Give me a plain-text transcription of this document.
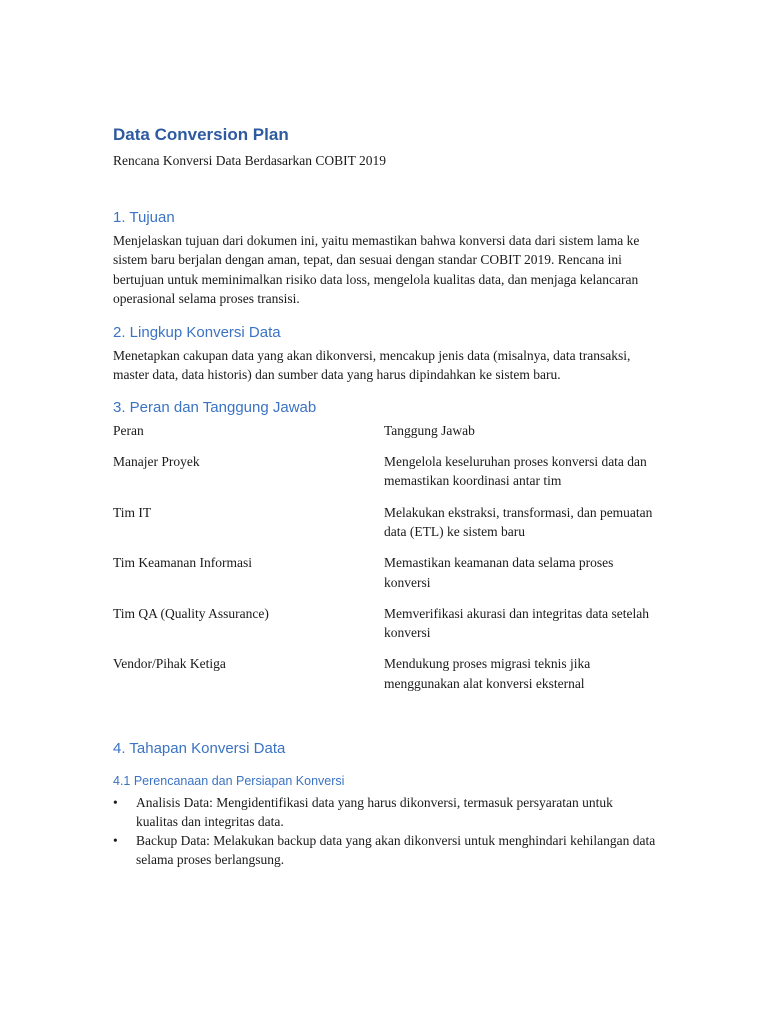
Data Conversion Plan
Rencana Konversi Data Berdasarkan COBIT 2019
1. Tujuan

Menjelaskan tujuan dari dokumen ini, yaitu memastikan bahwa konversi data dari sistem lama ke sistem baru berjalan dengan aman, tepat, dan sesuai dengan standar COBIT 2019. Rencana ini bertujuan untuk meminimalkan risiko data loss, mengelola kualitas data, dan menjaga kelancaran operasional selama proses transisi.

2. Lingkup Konversi Data

Menetapkan cakupan data yang akan dikonversi, mencakup jenis data (misalnya, data transaksi, master data, data historis) dan sumber data yang harus dipindahkan ke sistem baru.

3. Peran dan Tanggung Jawab
Peran	Tanggung Jawab
Manajer Proyek	Mengelola keseluruhan proses konversi data dan memastikan koordinasi antar tim
Tim IT	Melakukan ekstraksi, transformasi, dan pemuatan data (ETL) ke sistem baru
Tim Keamanan Informasi	Memastikan keamanan data selama proses konversi
Tim QA (Quality Assurance)	Memverifikasi akurasi dan integritas data setelah konversi
Vendor/Pihak Ketiga	Mendukung proses migrasi teknis jika menggunakan alat konversi eksternal
4. Tahapan Konversi Data
4.1 Perencanaan dan Persiapan Konversi
• Analisis Data: Mengidentifikasi data yang harus dikonversi, termasuk persyaratan untuk kualitas dan integritas data.
• Backup Data: Melakukan backup data yang akan dikonversi untuk menghindari kehilangan data selama proses berlangsung.
